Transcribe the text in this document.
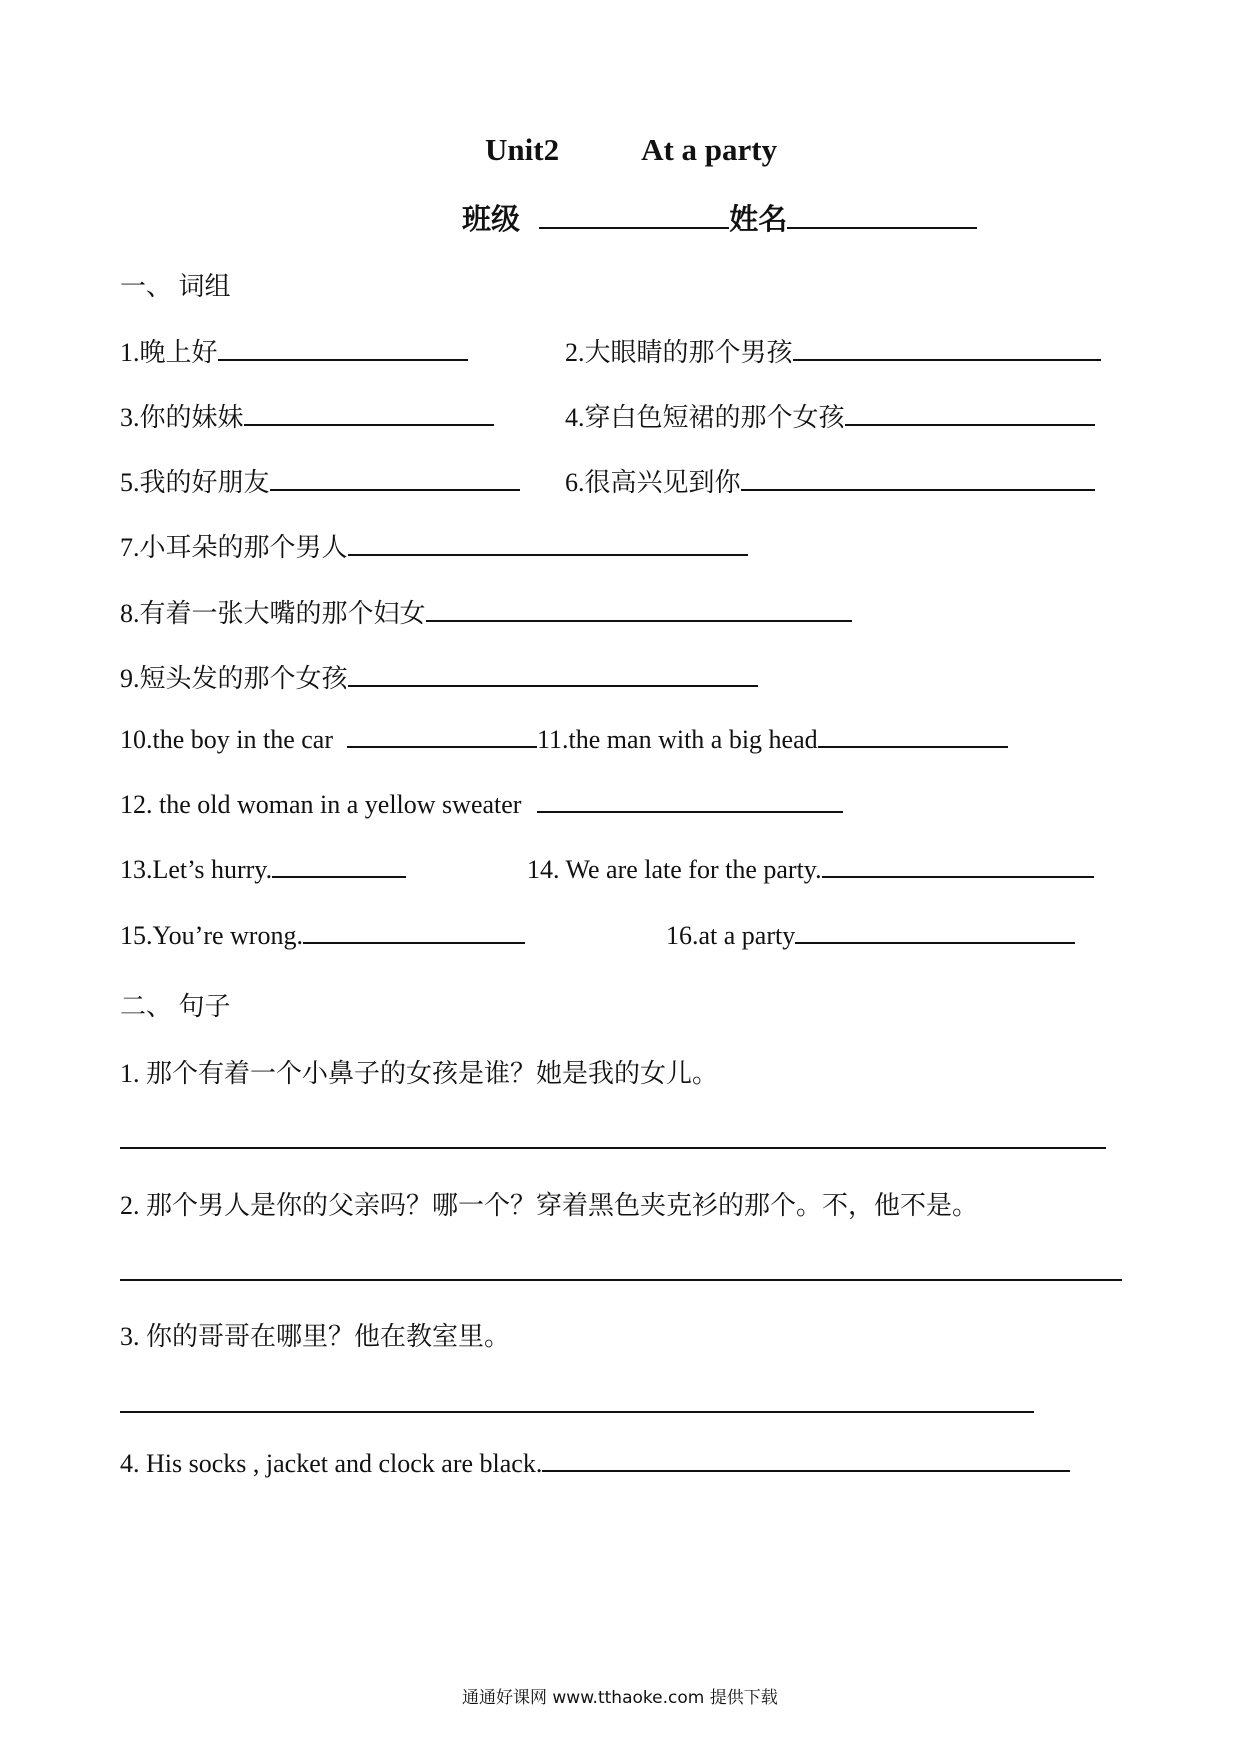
Unit2	At a party
班级	姓名
一、 词组
1.晚上好	2.大眼睛的那个男孩
3.你的妹妹	4.穿白色短裙的那个女孩
5.我的好朋友	6.很高兴见到你
7.小耳朵的那个男人
8.有着一张大嘴的那个妇女
9.短头发的那个女孩
10.the boy in the car	11.the man with a big head
12. the old woman in a yellow sweater
13.Let’s hurry.	14. We are late for the party.
15.You’re wrong.	16.at a party
二、 句子
1. 那个有着一个小鼻子的女孩是谁？她是我的女儿。
2. 那个男人是你的父亲吗？哪一个？穿着黑色夹克衫的那个。不，他不是。
3. 你的哥哥在哪里？他在教室里。
4. His socks , jacket and clock are black.
通通好课网 www.tthaoke.com 提供下载
